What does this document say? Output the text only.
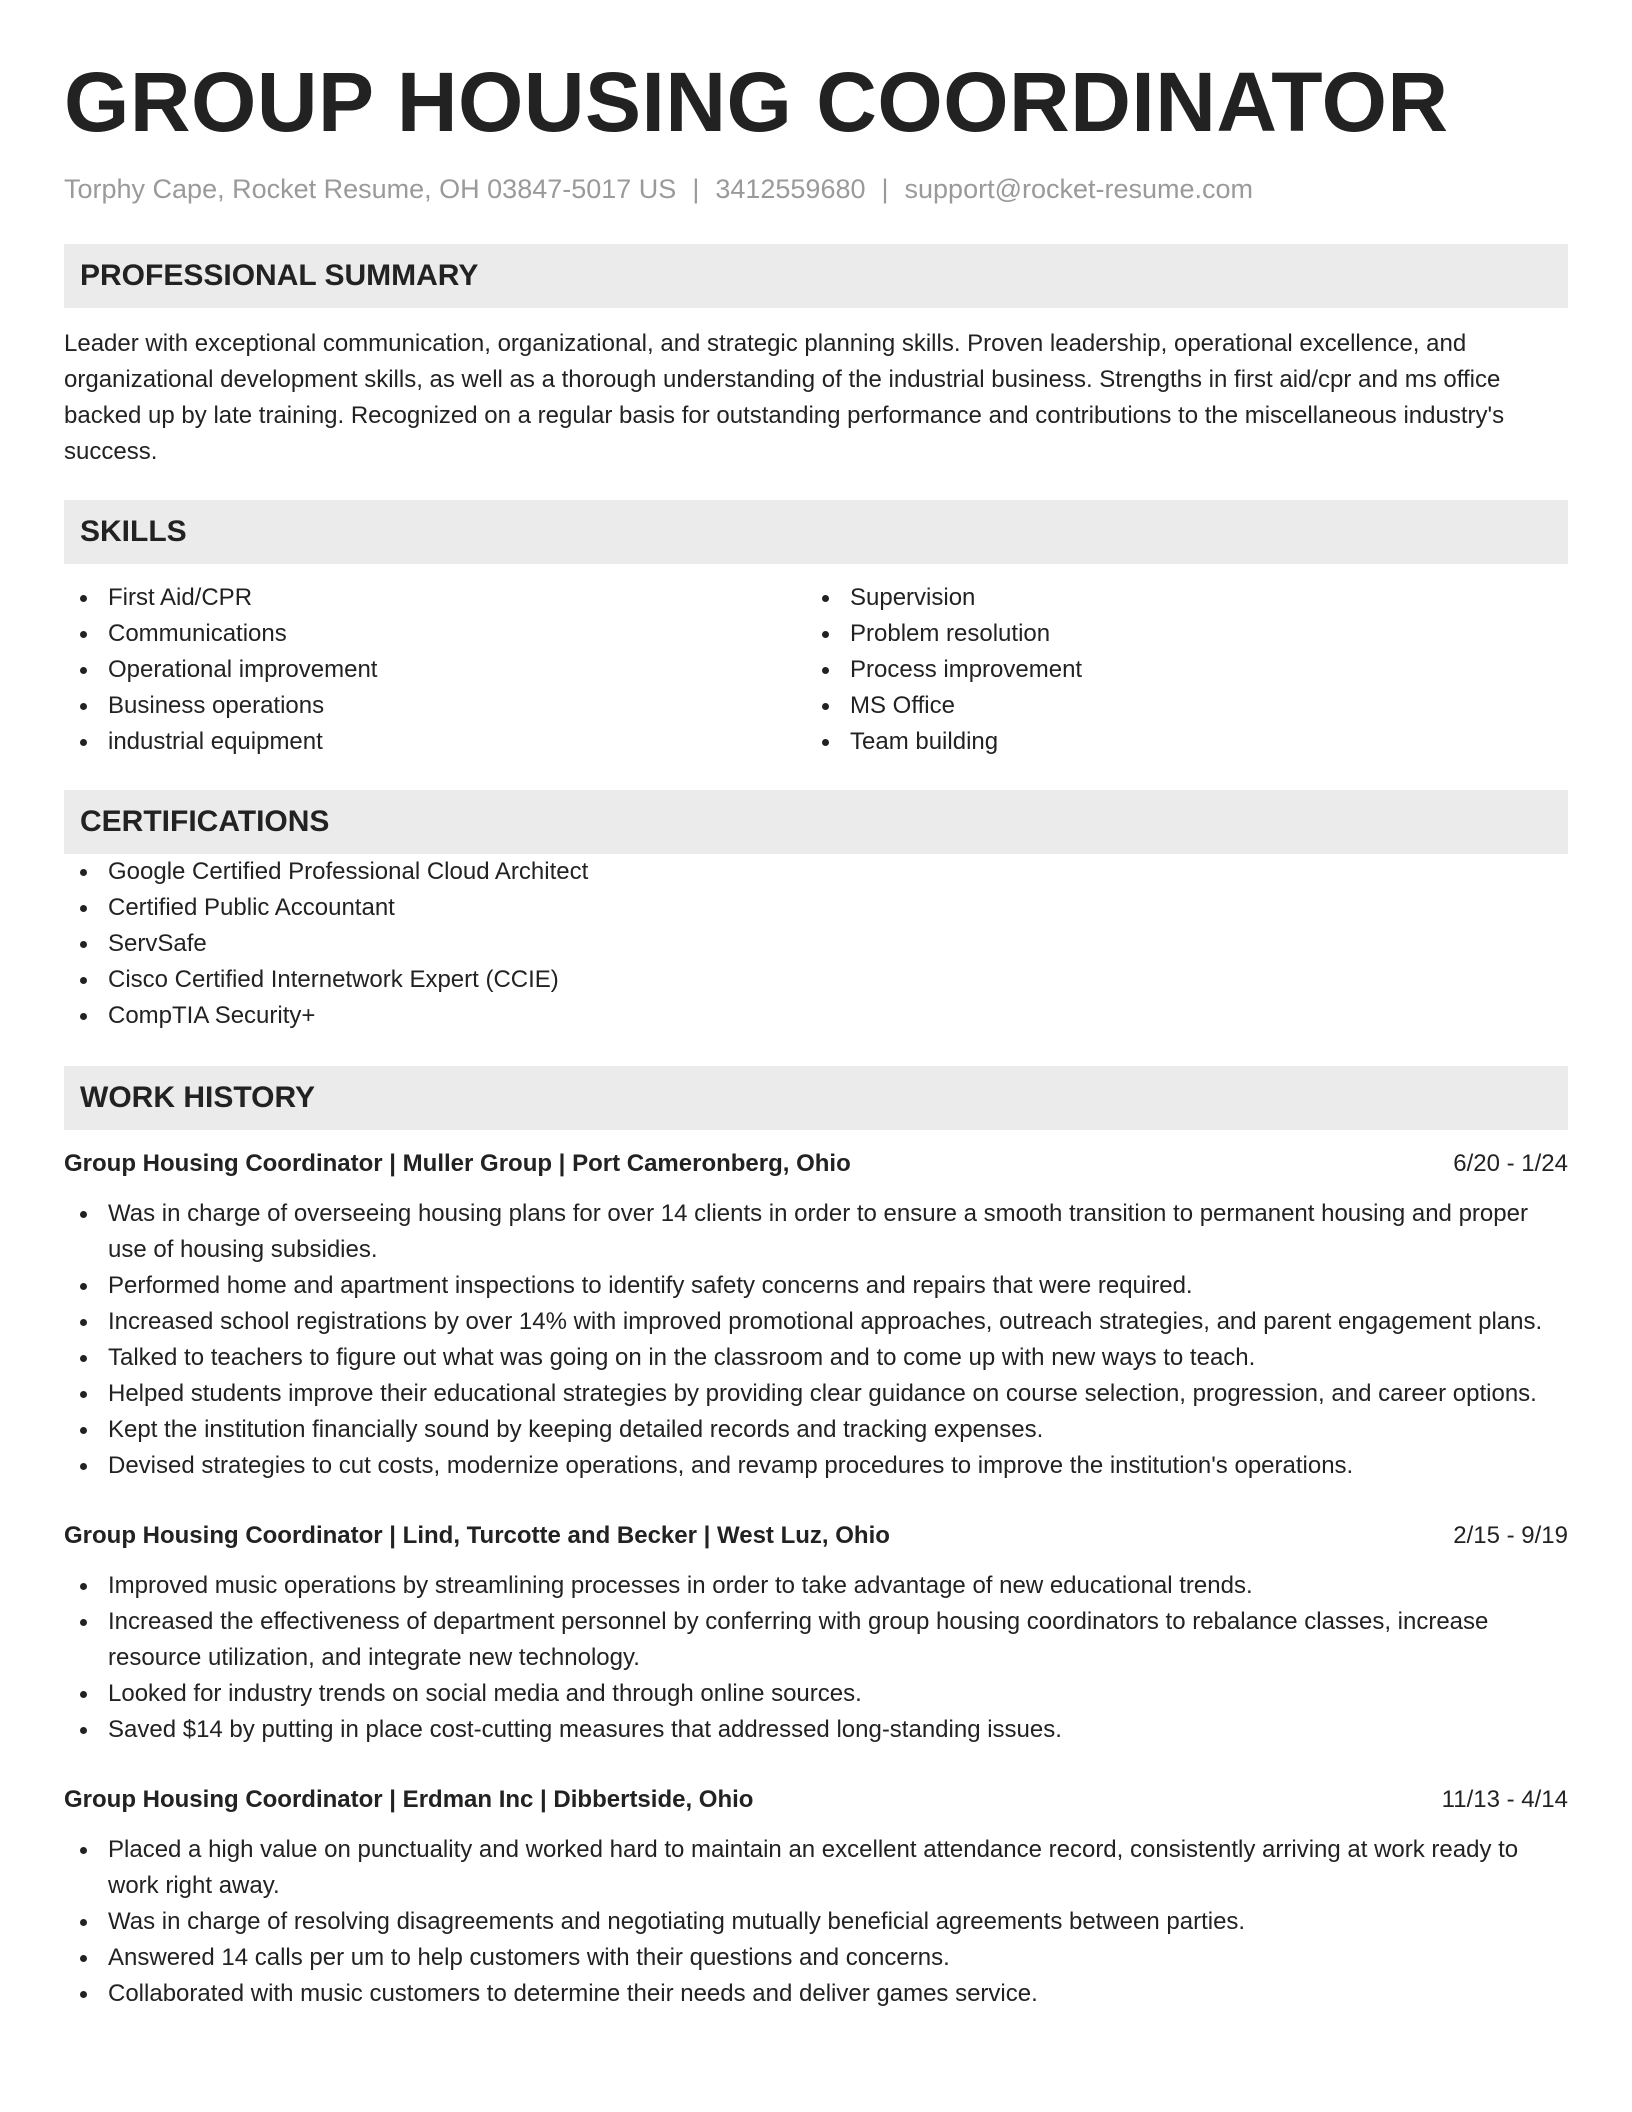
GROUP HOUSING COORDINATOR
Torphy Cape, Rocket Resume, OH 03847-5017 US | 3412559680 | support@rocket-resume.com
PROFESSIONAL SUMMARY

Leader with exceptional communication, organizational, and strategic planning skills. Proven leadership, operational excellence, and organizational development skills, as well as a thorough understanding of the industrial business. Strengths in first aid/cpr and ms office backed up by late training. Recognized on a regular basis for outstanding performance and contributions to the miscellaneous industry's success.

SKILLS
First Aid/CPR
Communications
Operational improvement
Business operations
industrial equipment
Supervision
Problem resolution
Process improvement
MS Office
Team building
CERTIFICATIONS
Google Certified Professional Cloud Architect
Certified Public Accountant
ServSafe
Cisco Certified Internetwork Expert (CCIE)
CompTIA Security+
WORK HISTORY
Group Housing Coordinator | Muller Group | Port Cameronberg, Ohio	6/20 - 1/24
Was in charge of overseeing housing plans for over 14 clients in order to ensure a smooth transition to permanent housing and proper use of housing subsidies.
Performed home and apartment inspections to identify safety concerns and repairs that were required.
Increased school registrations by over 14% with improved promotional approaches, outreach strategies, and parent engagement plans.
Talked to teachers to figure out what was going on in the classroom and to come up with new ways to teach.
Helped students improve their educational strategies by providing clear guidance on course selection, progression, and career options.
Kept the institution financially sound by keeping detailed records and tracking expenses.
Devised strategies to cut costs, modernize operations, and revamp procedures to improve the institution's operations.
Group Housing Coordinator | Lind, Turcotte and Becker | West Luz, Ohio	2/15 - 9/19
Improved music operations by streamlining processes in order to take advantage of new educational trends.
Increased the effectiveness of department personnel by conferring with group housing coordinators to rebalance classes, increase resource utilization, and integrate new technology.
Looked for industry trends on social media and through online sources.
Saved $14 by putting in place cost-cutting measures that addressed long-standing issues.
Group Housing Coordinator | Erdman Inc | Dibbertside, Ohio	11/13 - 4/14
Placed a high value on punctuality and worked hard to maintain an excellent attendance record, consistently arriving at work ready to work right away.
Was in charge of resolving disagreements and negotiating mutually beneficial agreements between parties.
Answered 14 calls per um to help customers with their questions and concerns.
Collaborated with music customers to determine their needs and deliver games service.
